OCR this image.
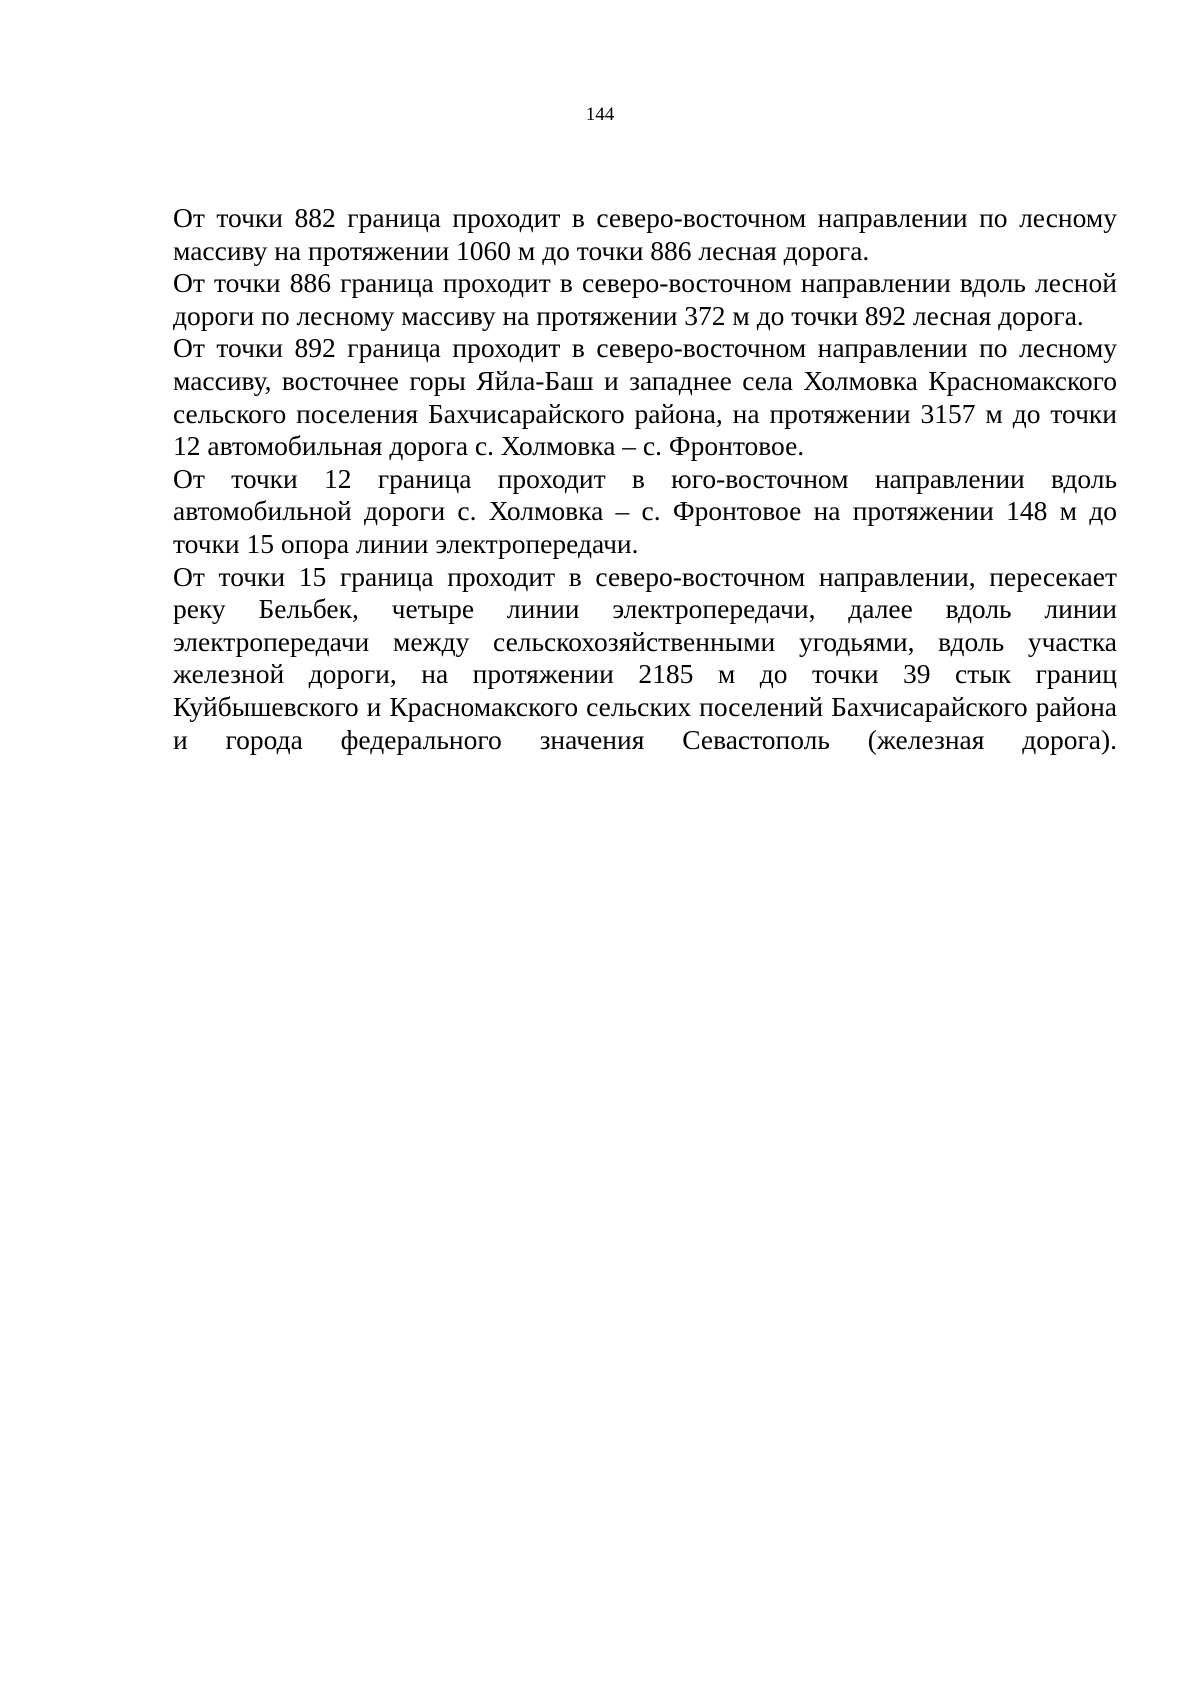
144

От точки 882 граница проходит в северо-восточном направлении по лесному массиву на протяжении 1060 м до точки 886 лесная дорога.

От точки 886 граница проходит в северо-восточном направлении вдоль лесной дороги по лесному массиву на протяжении 372 м до точки 892 лесная дорога.

От точки 892 граница проходит в северо-восточном направлении по лесному массиву, восточнее горы Яйла-Баш и западнее села Холмовка Красномакского сельского поселения Бахчисарайского района, на протяжении 3157 м до точки 12 автомобильная дорога с. Холмовка – с. Фронтовое.

От точки 12 граница проходит в юго-восточном направлении вдоль автомобильной дороги с. Холмовка – с. Фронтовое на протяжении 148 м до точки 15 опора линии электропередачи.

От точки 15 граница проходит в северо-восточном направлении, пересекает реку Бельбек, четыре линии электропередачи, далее вдоль линии электропередачи между сельскохозяйственными угодьями, вдоль участка железной дороги, на протяжении 2185 м до точки 39 стык границ Куйбышевского и Красномакского сельских поселений Бахчисарайского района и города федерального значения Севастополь (железная дорога).
